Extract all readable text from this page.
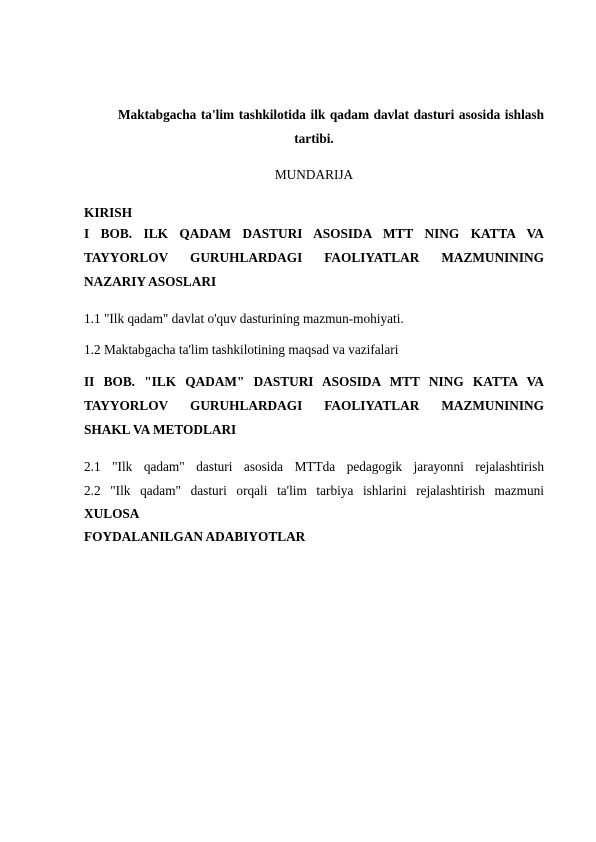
Maktabgacha ta'lim tashkilotida ilk qadam davlat dasturi asosida ishlash
tartibi.
MUNDARIJA
KIRISH
I BOB. ILK QADAM DASTURI ASOSIDA MTT NING KATTA VA
TAYYORLOV GURUHLARDAGI FAOLIYATLAR MAZMUNINING
NAZARIY ASOSLARI
1.1 "Ilk qadam" davlat o'quv dasturining mazmun-mohiyati.
1.2 Maktabgacha ta'lim tashkilotining maqsad va vazifalari
II BOB. "ILK QADAM" DASTURI ASOSIDA MTT NING KATTA VA
TAYYORLOV GURUHLARDAGI FAOLIYATLAR MAZMUNINING
SHAKL VA METODLARI
2.1 "Ilk qadam" dasturi asosida MTTda pedagogik jarayonni rejalashtirish
2.2 "Ilk qadam" dasturi orqali ta'lim tarbiya ishlarini rejalashtirish mazmuni
XULOSA
FOYDALANILGAN ADABIYOTLAR
